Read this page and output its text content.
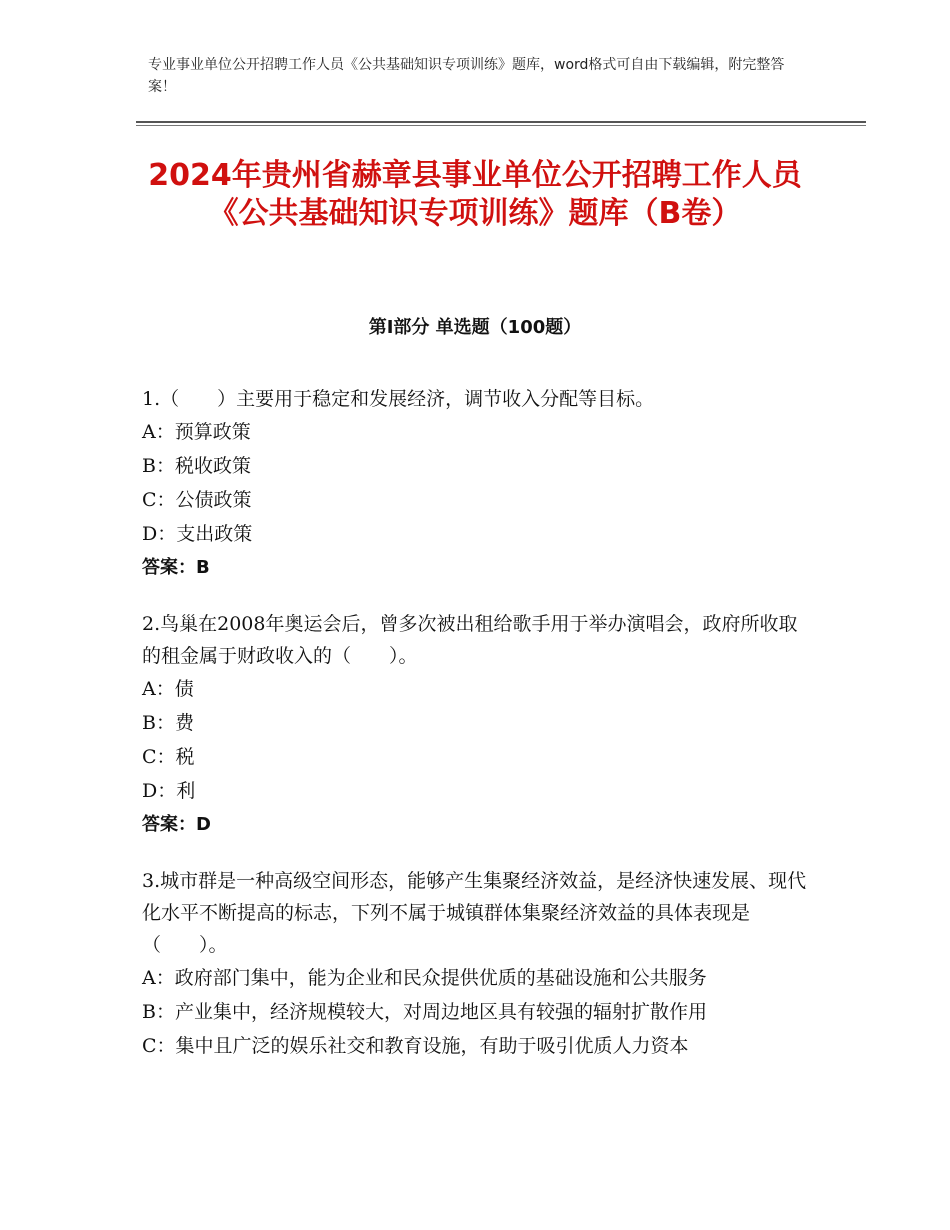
专业事业单位公开招聘工作人员《公共基础知识专项训练》题库，word格式可自由下载编辑，附完整答案！
2024年贵州省赫章县事业单位公开招聘工作人员《公共基础知识专项训练》题库（B卷）
第Ⅰ部分 单选题（100题）

1.（　　）主要用于稳定和发展经济，调节收入分配等目标。

A：预算政策

B：税收政策

C：公债政策

D：支出政策

答案：B

2.鸟巢在2008年奥运会后，曾多次被出租给歌手用于举办演唱会，政府所收取的租金属于财政收入的（　　）。

A：债

B：费

C：税

D：利

答案：D

3.城市群是一种高级空间形态，能够产生集聚经济效益，是经济快速发展、现代化水平不断提高的标志，下列不属于城镇群体集聚经济效益的具体表现是（　　）。

A：政府部门集中，能为企业和民众提供优质的基础设施和公共服务

B：产业集中，经济规模较大，对周边地区具有较强的辐射扩散作用

C：集中且广泛的娱乐社交和教育设施，有助于吸引优质人力资本
